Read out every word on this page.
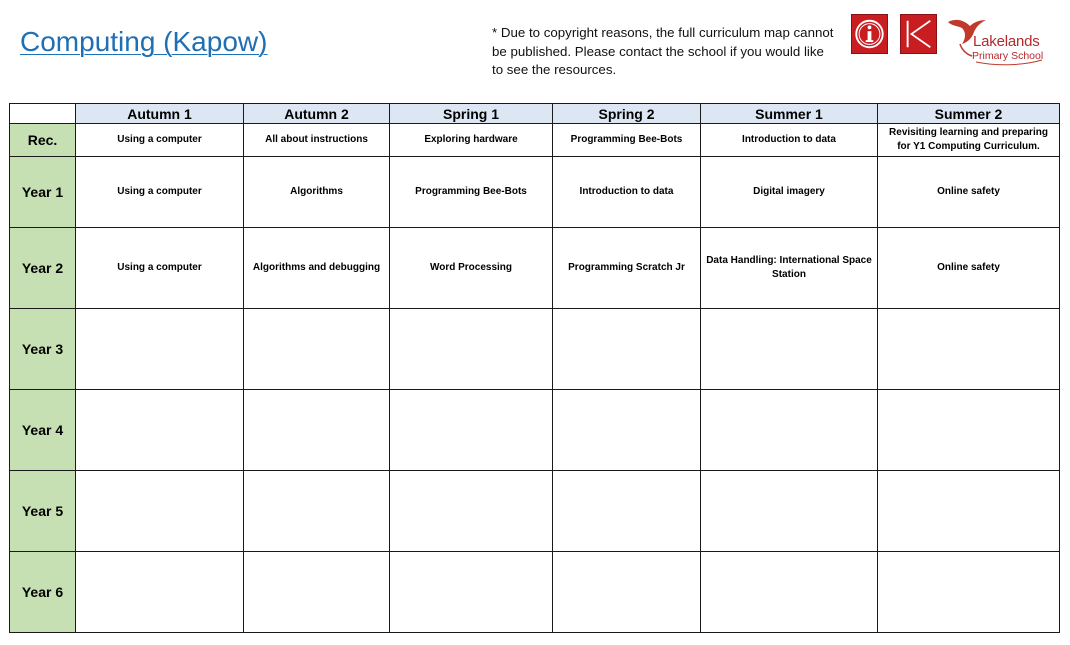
Computing (Kapow)	* Due to copyright reasons, the full curriculum map cannot be published. Please contact the school if you would like to see the resources.
Lakelands
Primary School
	Autumn 1	Autumn 2	Spring 1	Spring 2	Summer 1	Summer 2
Rec.	Using a computer	All about instructions	Exploring hardware	Programming Bee-Bots	Introduction to data	Revisiting learning and preparing for Y1 Computing Curriculum.
Year 1	Using a computer	Algorithms	Programming Bee-Bots	Introduction to data	Digital imagery	Online safety
Year 2	Using a computer	Algorithms and debugging	Word Processing	Programming Scratch Jr	Data Handling: International Space Station	Online safety
Year 3						
Year 4						
Year 5						
Year 6						
